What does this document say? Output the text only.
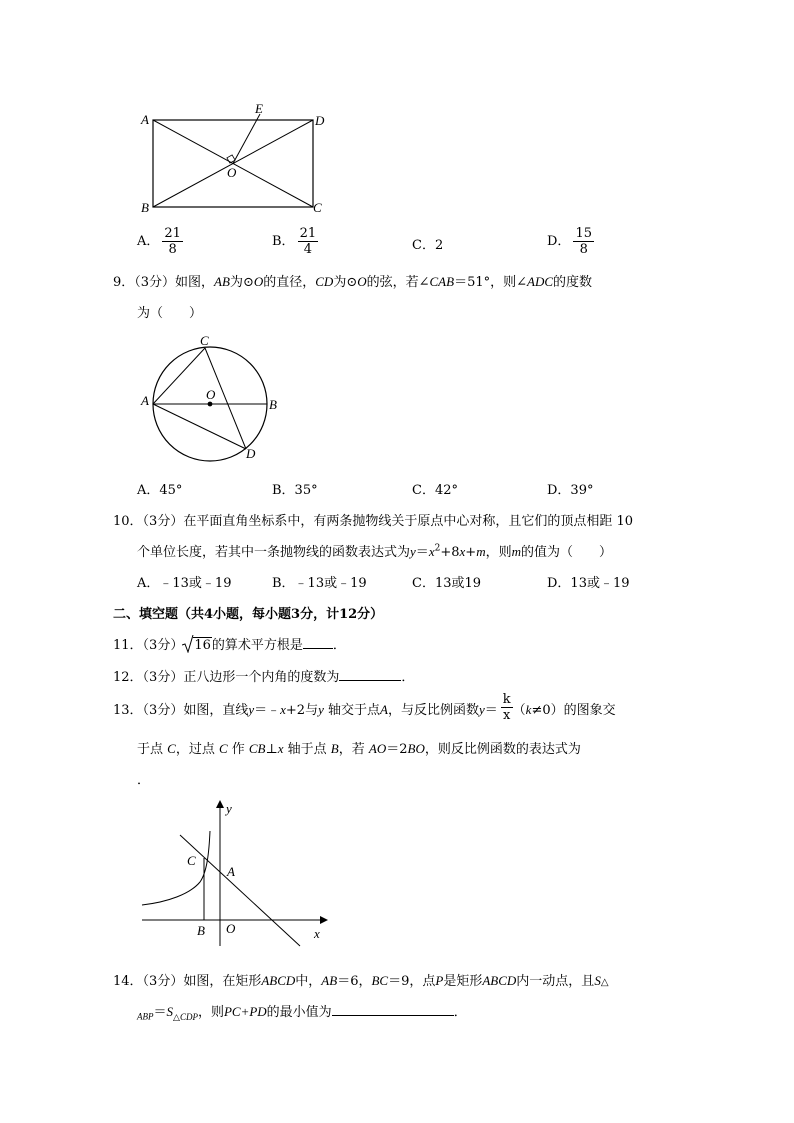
A
B	C
D
E
O
A． $\frac{21}{8}$	B． $\frac{21}{4}$	C．2	D． $\frac{15}{8}$
9．（3分）如图，AB为⊙O的直径，CD为⊙O的弦，若∠CAB＝51°，则∠ADC的度数
为（　　）
A	B
C
D
O
A．45°	B．35°	C．42°	D．39°
10．（3分）在平面直角坐标系中，有两条抛物线关于原点中心对称，且它们的顶点相距 10
个单位长度，若其中一条抛物线的函数表达式为$y=x^2+8x+m$，则m的值为（　　）
A．﹣13或﹣19	B．﹣13或﹣19	C．13或19	D．13或﹣19
二、填空题（共4小题，每小题3分，计12分）
11．（3分） 16的算术平方根是 ．
12．（3分）正八边形一个内角的度数为	．
13．（3分）如图，直线y＝﹣x+2与y 轴交于点A，与反比例函数$y= \frac{k}{x} (k\ne 0)$的图象交
于点 C，过点 C 作 CB⊥x 轴于点 B，若 AO＝2BO，则反比例函数的表达式为
．
y
x
C
A
B O
14．（3分）如图，在矩形ABCD中，AB＝6，BC＝9，点P是矩形ABCD内一动点，且S△
$_{ABP}=S_{\triangle CDP}$，则PC+PD的最小值为	．
